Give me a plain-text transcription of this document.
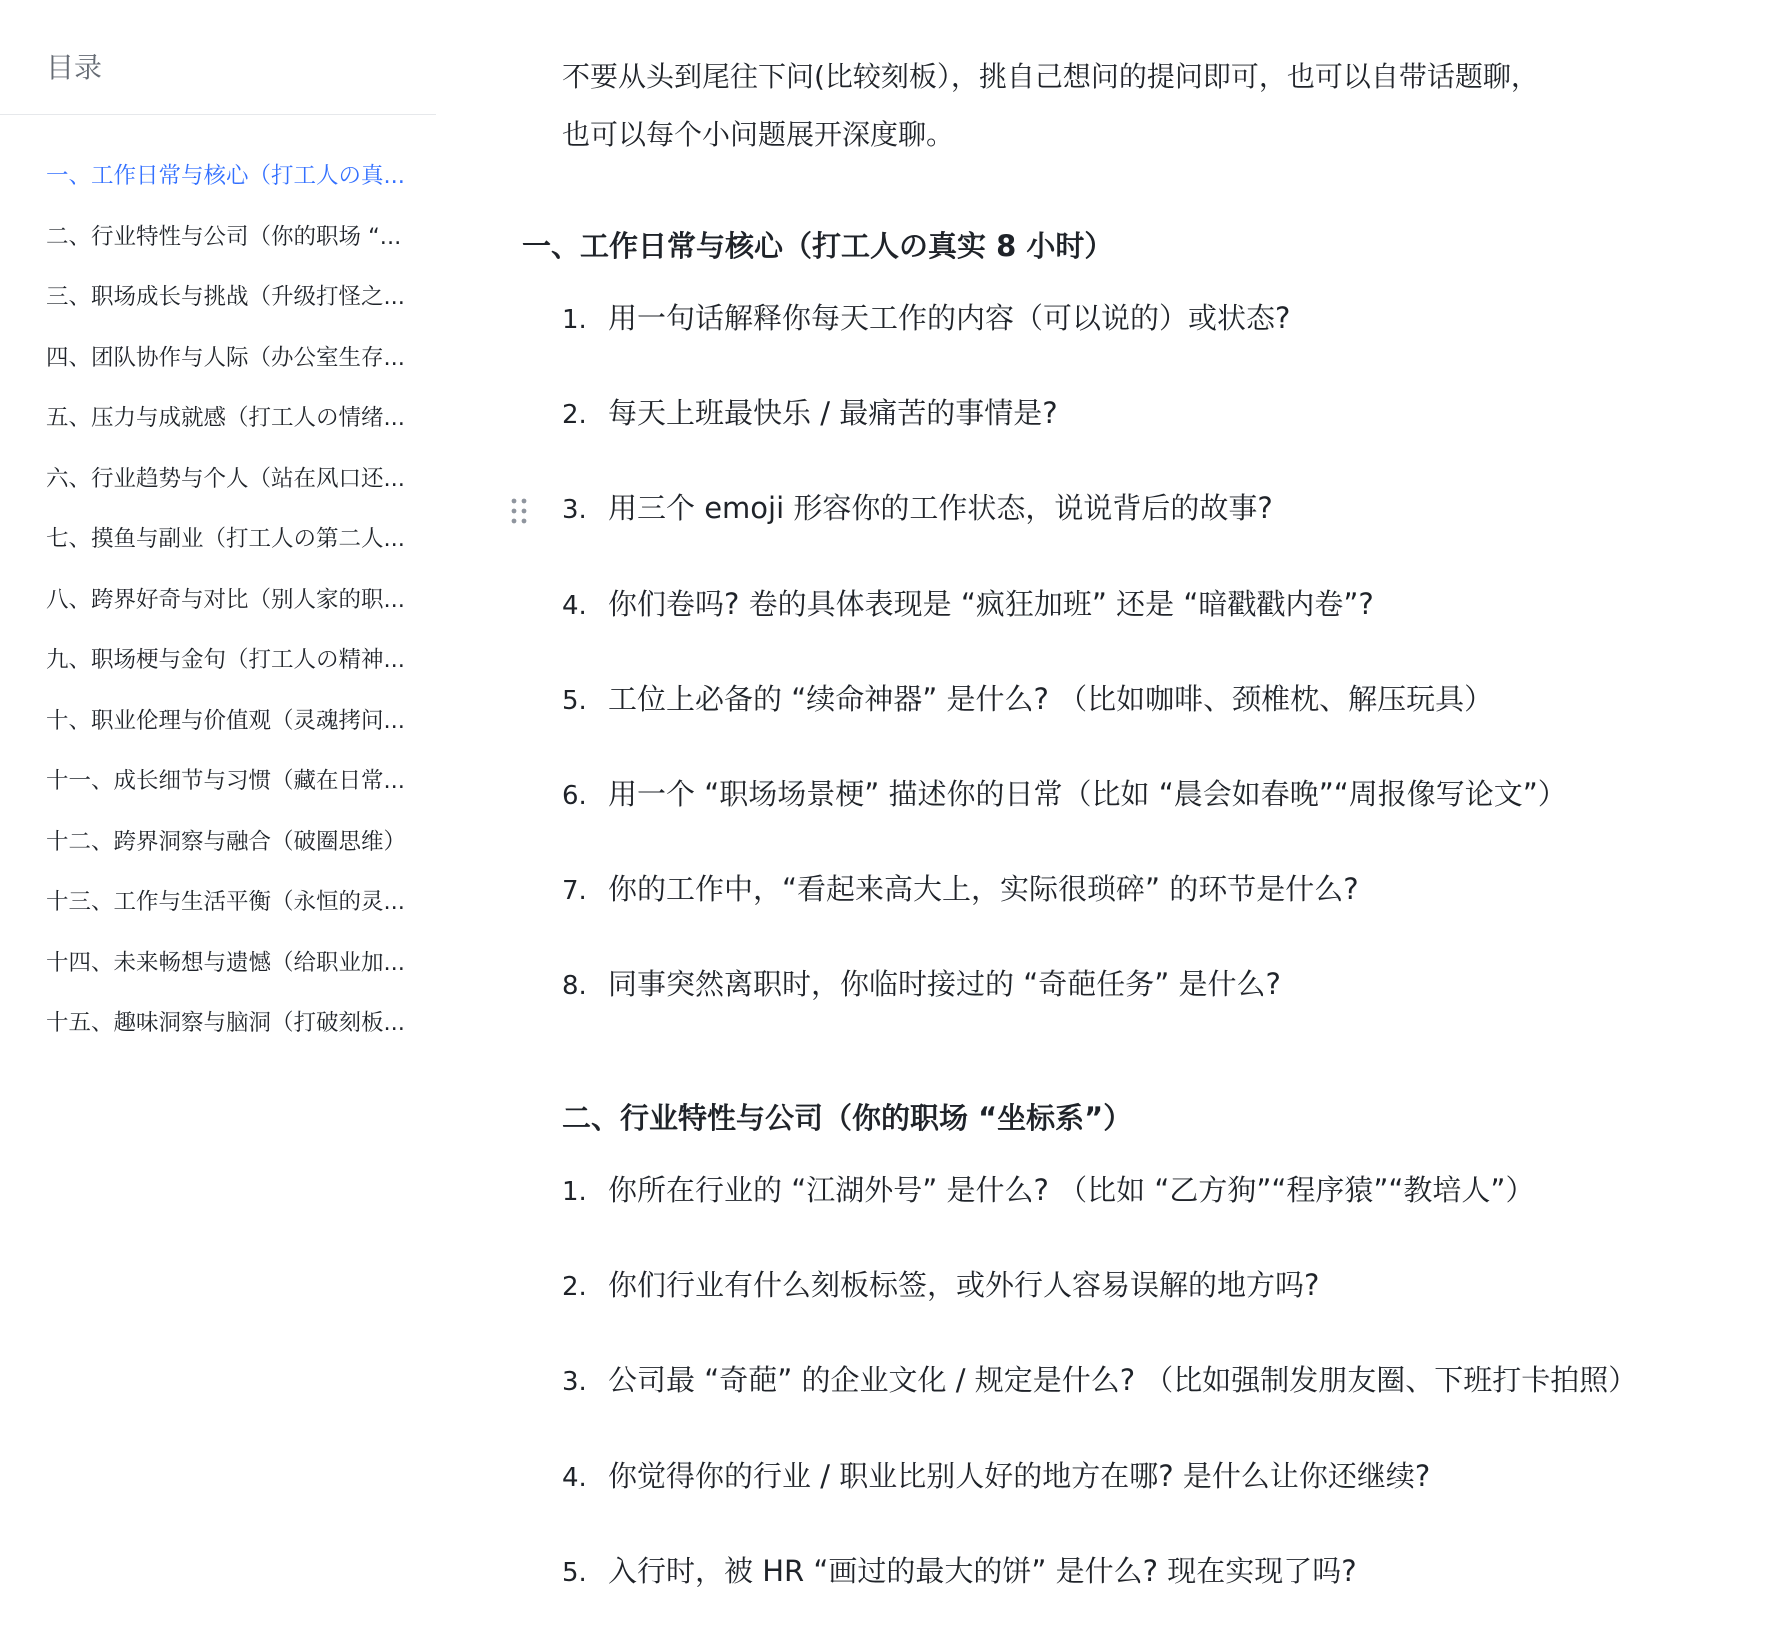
目录
一、工作日常与核心（打工人の真...
二、行业特性与公司（你的职场 “...
三、职场成长与挑战（升级打怪之...
四、团队协作与人际（办公室生存...
五、压力与成就感（打工人の情绪...
六、行业趋势与个人（站在风口还...
七、摸鱼与副业（打工人の第二人...
八、跨界好奇与对比（别人家的职...
九、职场梗与金句（打工人の精神...
十、职业伦理与价值观（灵魂拷问...
十一、成长细节与习惯（藏在日常...
十二、跨界洞察与融合（破圈思维）
十三、工作与生活平衡（永恒的灵...
十四、未来畅想与遗憾（给职业加...
十五、趣味洞察与脑洞（打破刻板...

不要从头到尾往下问(比较刻板），挑自己想问的提问即可，也可以自带话题聊，

也可以每个小问题展开深度聊。

一、工作日常与核心（打工人の真实 8 小时）
1. 用一句话解释你每天工作的内容（可以说的）或状态?
2. 每天上班最快乐 / 最痛苦的事情是?
3. 用三个 emoji 形容你的工作状态，说说背后的故事?
4. 你们卷吗? 卷的具体表现是 “疯狂加班” 还是 “暗戳戳内卷”?
5. 工位上必备的 “续命神器” 是什么? （比如咖啡、颈椎枕、解压玩具）
6. 用一个 “职场场景梗” 描述你的日常（比如 “晨会如春晚”“周报像写论文”）
7. 你的工作中，“看起来高大上，实际很琐碎” 的环节是什么?
8. 同事突然离职时，你临时接过的 “奇葩任务” 是什么?
二、行业特性与公司（你的职场 “坐标系”）
1. 你所在行业的 “江湖外号” 是什么? （比如 “乙方狗”“程序猿”“教培人”）
2. 你们行业有什么刻板标签，或外行人容易误解的地方吗?
3. 公司最 “奇葩” 的企业文化 / 规定是什么? （比如强制发朋友圈、下班打卡拍照）
4. 你觉得你的行业 / 职业比别人好的地方在哪? 是什么让你还继续?
5. 入行时，被 HR “画过的最大的饼” 是什么? 现在实现了吗?
